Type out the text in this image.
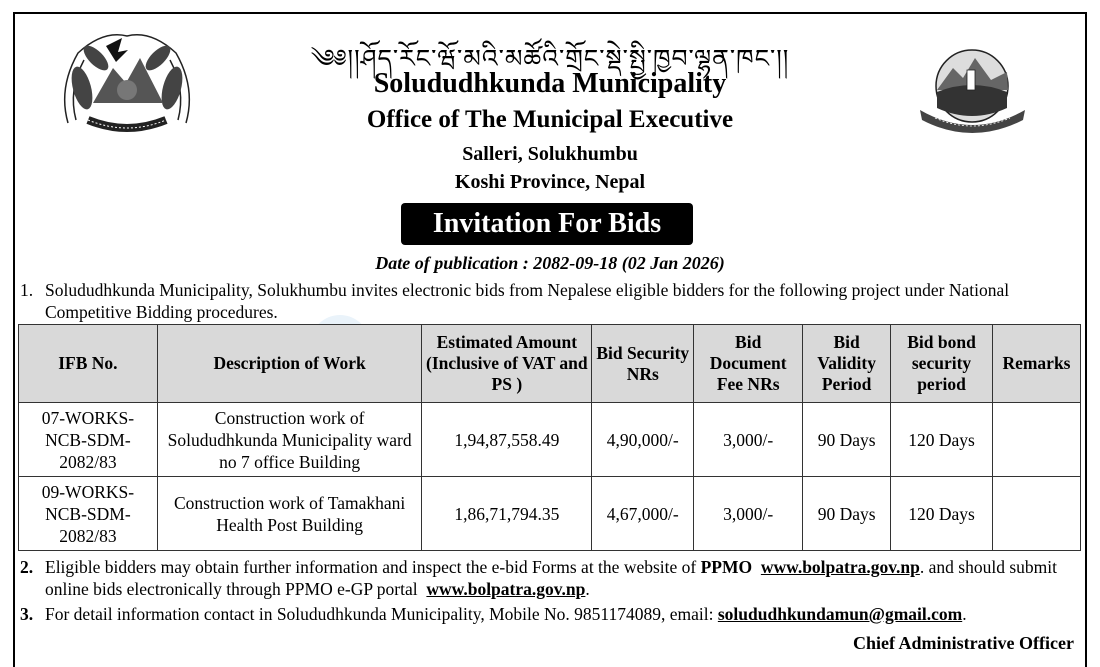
༄༅།།ཤོད་རོང་ཝོ་མའི་མཚོའི་གྲོང་སྡེ་སྤྱི་ཁྱབ་ལྷན་ཁང་།།
Solududhkunda Municipality
Office of The Municipal Executive
Salleri, Solukhumbu
Koshi Province, Nepal
Invitation For Bids
Date of publication : 2082-09-18 (02 Jan 2026)
1. Solududhkunda Municipality, Solukhumbu invites electronic bids from Nepalese eligible bidders for the following project under National Competitive Bidding procedures.
IFB No.	Description of Work	Estimated Amount (Inclusive of VAT and PS )	Bid Security NRs	Bid Document Fee NRs	Bid Validity Period	Bid bond security period	Remarks
07-WORKS-NCB-SDM-2082/83	Construction work of Solududhkunda Municipality ward no 7 office Building	1,94,87,558.49	4,90,000/-	3,000/-	90 Days	120 Days	
09-WORKS-NCB-SDM-2082/83	Construction work of Tamakhani Health Post Building	1,86,71,794.35	4,67,000/-	3,000/-	90 Days	120 Days	
2. Eligible bidders may obtain further information and inspect the e-bid Forms at the website of PPMO www.bolpatra.gov.np. and should submit online bids electronically through PPMO e-GP portal  www.bolpatra.gov.np.
3. For detail information contact in Solududhkunda Municipality, Mobile No. 9851174089, email: solududhkundamun@gmail.com.
Chief Administrative Officer
